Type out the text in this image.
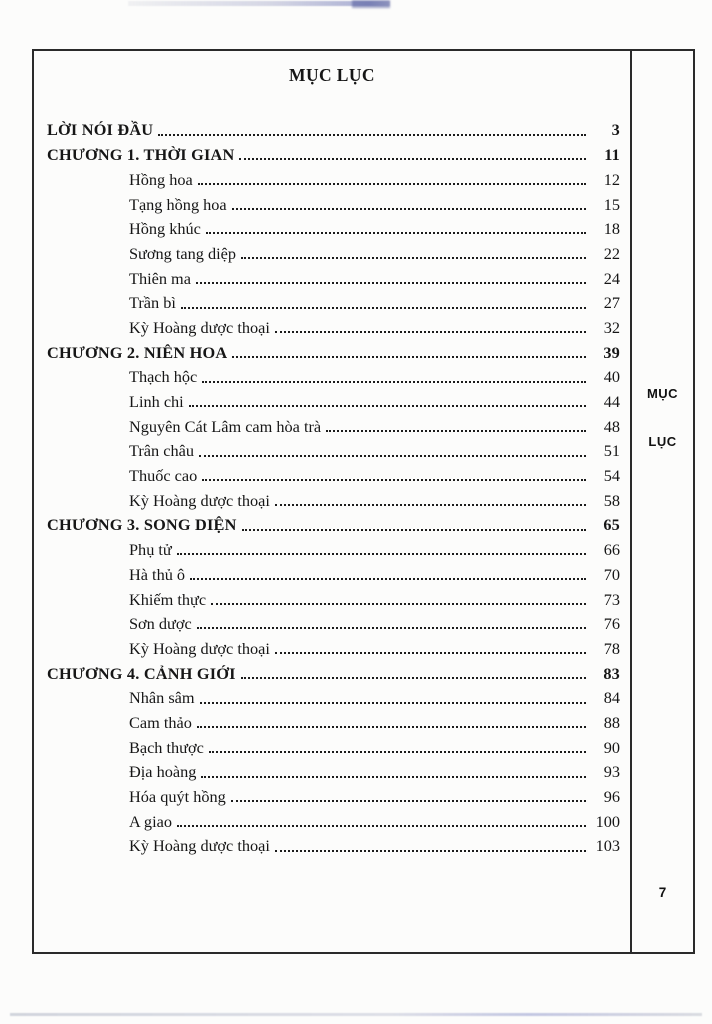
MỤC LỤC
LỜI NÓI ĐẦU	3
CHƯƠNG 1. THỜI GIAN	11
Hồng hoa	12
Tạng hồng hoa	15
Hồng khúc	18
Sương tang diệp	22
Thiên ma	24
Trần bì	27
Kỳ Hoàng dược thoại	32
CHƯƠNG 2. NIÊN HOA	39
Thạch hộc	40
Linh chi	44
Nguyên Cát Lâm cam hòa trà	48
Trân châu	51
Thuốc cao	54
Kỳ Hoàng dược thoại	58
CHƯƠNG 3. SONG DIỆN	65
Phụ tử	66
Hà thủ ô	70
Khiếm thực	73
Sơn dược	76
Kỳ Hoàng dược thoại	78
CHƯƠNG 4. CẢNH GIỚI	83
Nhân sâm	84
Cam thảo	88
Bạch thược	90
Địa hoàng	93
Hóa quýt hồng	96
A giao	100
Kỳ Hoàng dược thoại	103
MỤC
LỤC
7
